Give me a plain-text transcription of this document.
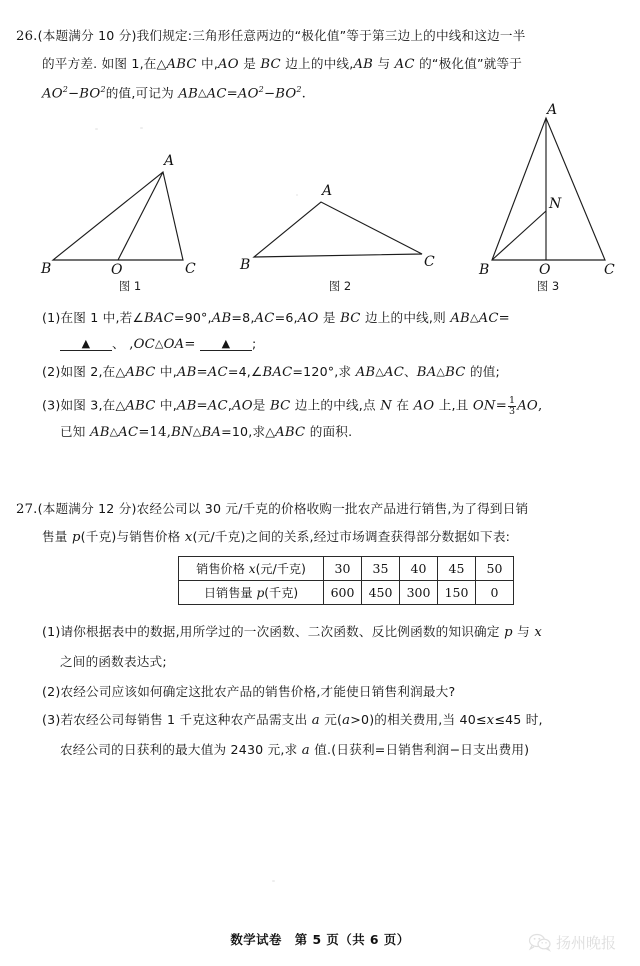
26.(本题满分 10 分)我们规定:三角形任意两边的“极化值”等于第三边上的中线和这边一半
的平方差. 如图 1,在△ABC 中,AO 是 BC 边上的中线,AB 与 AC 的“极化值”就等于
$AO^2-BO^2$的值,可记为 $AB\triangle AC=AO^2-BO^2$.
B	O	C
A
图 1
B	C
A
图 2
B	O	C
A
N
图 3
(1)在图 1 中,若∠BAC=90°,AB=8,AC=6,AO 是 BC 边上的中线,则 AB△AC=
▲ 、 ,OC△OA= ▲ ;
(2)如图 2,在△ABC 中,AB=AC=4,∠BAC=120°,求 AB△AC、BA△BC 的值;
(3)如图 3,在△ABC 中,AB=AC,AO是 BC 边上的中线,点 N 在 AO 上,且 $ON= \frac{1}{3}$ AO,
已知 AB△AC=14,BN△BA=10,求△ABC 的面积.
27.(本题满分 12 分)农经公司以 30 元/千克的价格收购一批农产品进行销售,为了得到日销
售量 p(千克)与销售价格 x(元/千克)之间的关系,经过市场调查获得部分数据如下表:
销售价格 x(元/千克)	30	35	40	45	50
日销售量 p(千克)	600	450	300	150	0
(1)请你根据表中的数据,用所学过的一次函数、二次函数、反比例函数的知识确定 p 与 x
之间的函数表达式;
(2)农经公司应该如何确定这批农产品的销售价格,才能使日销售利润最大?
(3)若农经公司每销售 1 千克这种农产品需支出 a 元(a>0)的相关费用,当 40≤x≤45 时,
农经公司的日获利的最大值为 2430 元,求 a 值.(日获利=日销售利润−日支出费用)
数学试卷　第 5 页（共 6 页）	扬州晚报
